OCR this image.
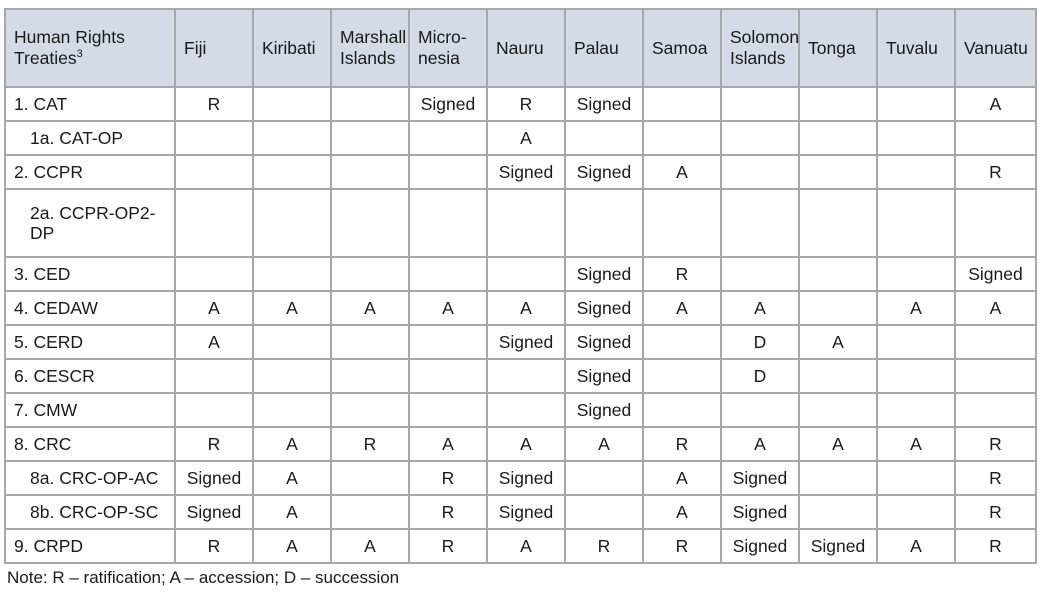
Human Rights Treaties$^3$	Fiji	Kiribati	Marshall Islands	Micro-nesia	Nauru	Palau	Samoa	Solomon Islands	Tonga	Tuvalu	Vanuatu
1. CAT	R			Signed	R	Signed					A
1a. CAT-OP					A						
2. CCPR					Signed	Signed	A				R
2a. CCPR-OP2-DP											
3. CED						Signed	R				Signed
4. CEDAW	A	A	A	A	A	Signed	A	A		A	A
5. CERD	A				Signed	Signed		D	A		
6. CESCR						Signed		D			
7. CMW						Signed					
8. CRC	R	A	R	A	A	A	R	A	A	A	R
8a. CRC-OP-AC	Signed	A		R	Signed		A	Signed			R
8b. CRC-OP-SC	Signed	A		R	Signed		A	Signed			R
9. CRPD	R	A	A	R	A	R	R	Signed	Signed	A	R
Note: R – ratification; A – accession; D – succession
